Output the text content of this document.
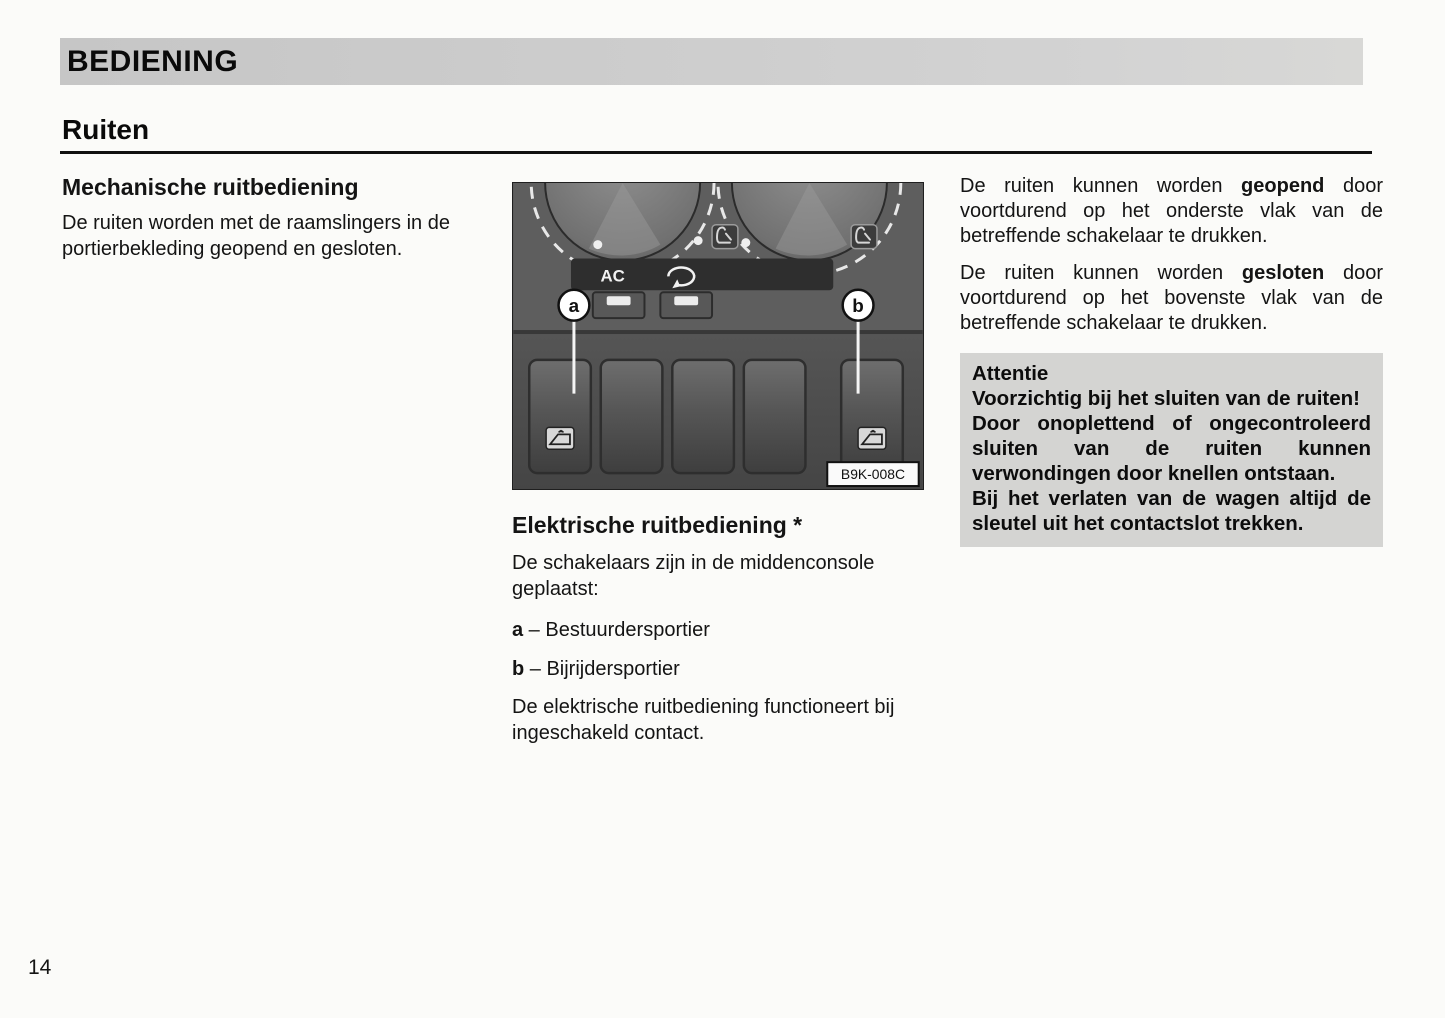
BEDIENING
Ruiten
Mechanische ruitbediening

De ruiten worden met de raamslingers in de portierbekleding geopend en gesloten.

AC
a	b
B9K-008C
Elektrische ruitbediening *

De schakelaars zijn in de middenconsole geplaatst:

a – Bestuurdersportier

b – Bijrijdersportier

De elektrische ruitbediening functioneert bij ingeschakeld contact.

De ruiten kunnen worden geopend door voortdurend op het onderste vlak van de betreffende schakelaar te drukken.

De ruiten kunnen worden gesloten door voortdurend op het bovenste vlak van de betreffende schakelaar te drukken.

Attentie

Voorzichtig bij het sluiten van de ruiten!

Door onoplettend of ongecontroleerd sluiten van de ruiten kunnen verwondingen door knellen ontstaan.

Bij het verlaten van de wagen altijd de sleutel uit het contactslot trekken.

14
